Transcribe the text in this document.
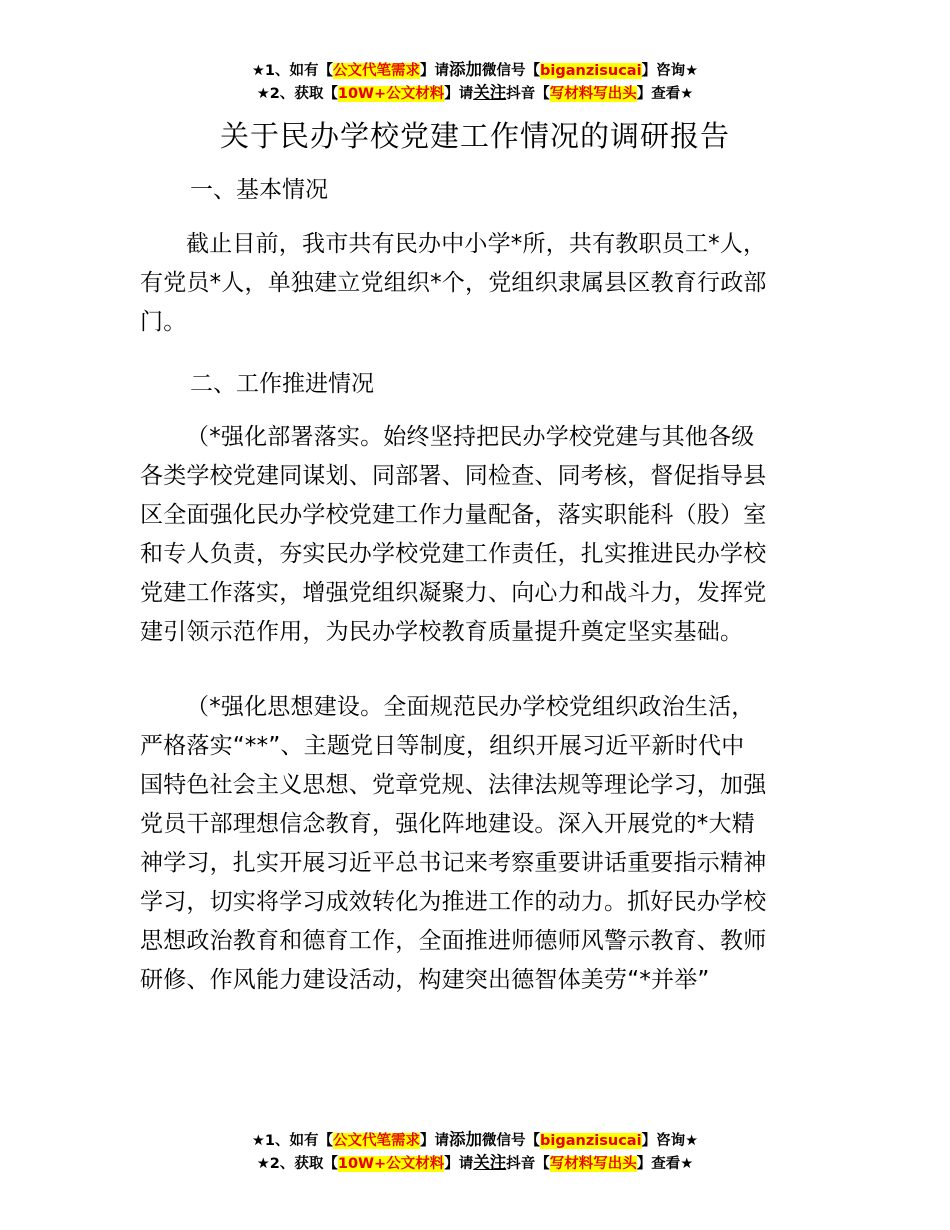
★1、如有【公文代笔需求】请添加微信号【biganzisucai】咨询★
★2、获取【10W+公文材料】请关注抖音【写材料写出头】查看★
关于民办学校党建工作情况的调研报告
一、基本情况
截止目前，我市共有民办中小学*所，共有教职员工*人，
有党员*人，单独建立党组织*个，党组织隶属县区教育行政部
门。
二、工作推进情况
（*强化部署落实。始终坚持把民办学校党建与其他各级
各类学校党建同谋划、同部署、同检查、同考核，督促指导县
区全面强化民办学校党建工作力量配备，落实职能科（股）室
和专人负责，夯实民办学校党建工作责任，扎实推进民办学校
党建工作落实，增强党组织凝聚力、向心力和战斗力，发挥党
建引领示范作用，为民办学校教育质量提升奠定坚实基础。
（*强化思想建设。全面规范民办学校党组织政治生活，
严格落实“**”、主题党日等制度，组织开展习近平新时代中
国特色社会主义思想、党章党规、法律法规等理论学习，加强
党员干部理想信念教育，强化阵地建设。深入开展党的*大精
神学习，扎实开展习近平总书记来考察重要讲话重要指示精神
学习，切实将学习成效转化为推进工作的动力。抓好民办学校
思想政治教育和德育工作，全面推进师德师风警示教育、教师
研修、作风能力建设活动，构建突出德智体美劳“*并举”
★1、如有【公文代笔需求】请添加微信号【biganzisucai】咨询★
★2、获取【10W+公文材料】请关注抖音【写材料写出头】查看★
